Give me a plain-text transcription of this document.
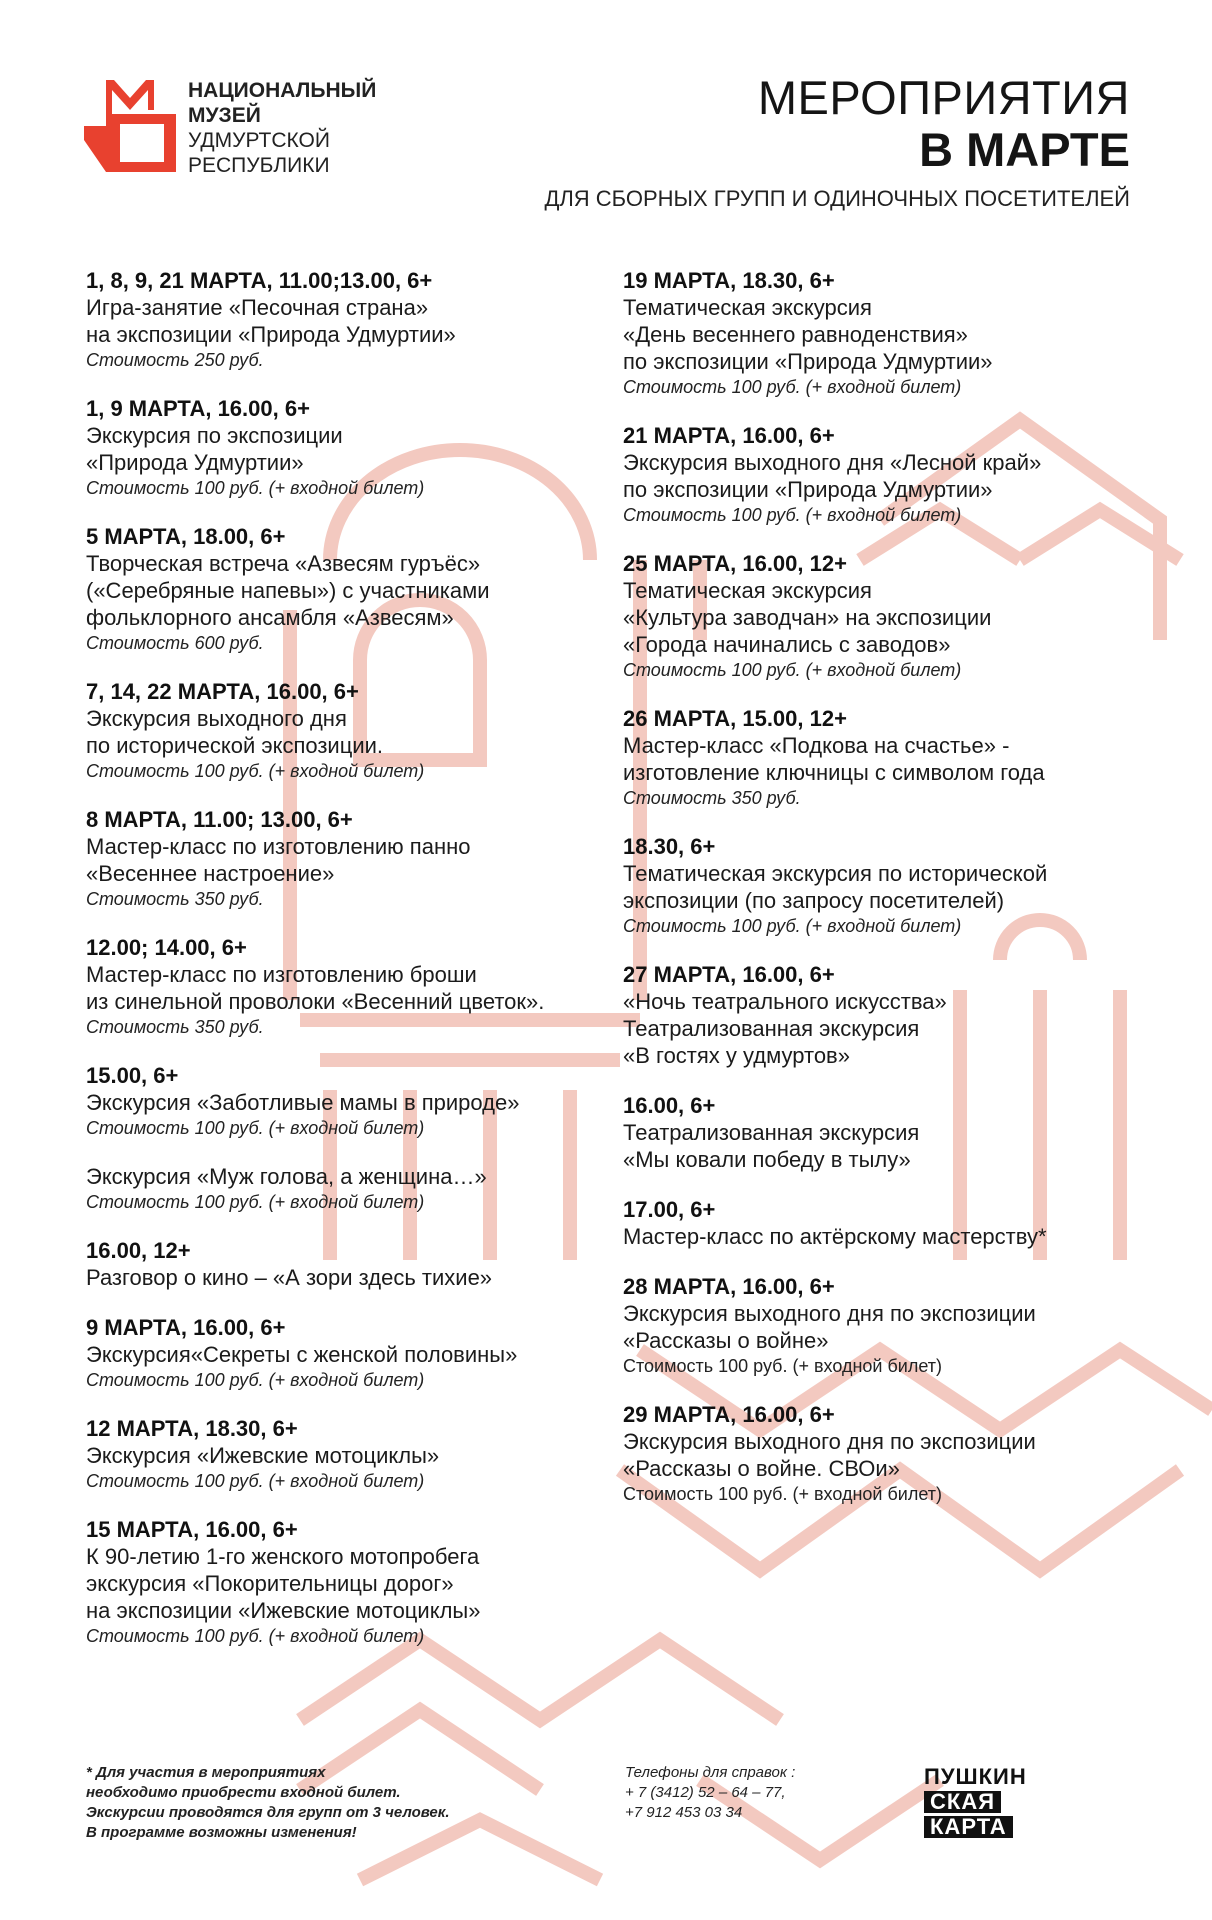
НАЦИОНАЛЬНЫЙ
МУЗЕЙ
УДМУРТСКОЙ
РЕСПУБЛИКИ
МЕРОПРИЯТИЯ
В МАРТЕ
ДЛЯ СБОРНЫХ ГРУПП И ОДИНОЧНЫХ ПОСЕТИТЕЛЕЙ
1, 8, 9, 21 МАРТА, 11.00;13.00, 6+
Игра-занятие «Песочная страна»
на экспозиции «Природа Удмуртии»
Стоимость 250 руб.
1, 9 МАРТА, 16.00, 6+
Экскурсия по экспозиции
«Природа Удмуртии»
Стоимость 100 руб. (+ входной билет)
5 МАРТА, 18.00, 6+
Творческая встреча «Азвесям гуръёс»
(«Серебряные напевы») с участниками
фольклорного ансамбля «Азвесям»
Стоимость 600 руб.
7, 14, 22 МАРТА, 16.00, 6+
Экскурсия выходного дня
по исторической экспозиции.
Стоимость 100 руб. (+ входной билет)
8 МАРТА, 11.00; 13.00, 6+
Мастер-класс по изготовлению панно
«Весеннее настроение»
Стоимость 350 руб.
12.00; 14.00, 6+
Мастер-класс по изготовлению броши
из синельной проволоки «Весенний цветок».
Стоимость 350 руб.
15.00, 6+
Экскурсия «Заботливые мамы в природе»
Стоимость 100 руб. (+ входной билет)
Экскурсия «Муж голова, а женщина…»
Стоимость 100 руб. (+ входной билет)
16.00, 12+
Разговор о кино – «А зори здесь тихие»
9 МАРТА, 16.00, 6+
Экскурсия«Секреты с женской половины»
Стоимость 100 руб. (+ входной билет)
12 МАРТА, 18.30, 6+
Экскурсия «Ижевские мотоциклы»
Стоимость 100 руб. (+ входной билет)
15 МАРТА, 16.00, 6+
К 90-летию 1-го женского мотопробега
экскурсия «Покорительницы дорог»
на экспозиции «Ижевские мотоциклы»
Стоимость 100 руб. (+ входной билет)
19 МАРТА, 18.30, 6+
Тематическая экскурсия
«День весеннего равноденствия»
по экспозиции «Природа Удмуртии»
Стоимость 100 руб. (+ входной билет)
21 МАРТА, 16.00, 6+
Экскурсия выходного дня «Лесной край»
по экспозиции «Природа Удмуртии»
Стоимость 100 руб. (+ входной билет)
25 МАРТА, 16.00, 12+
Тематическая экскурсия
«Культура заводчан» на экспозиции
«Города начинались с заводов»
Стоимость 100 руб. (+ входной билет)
26 МАРТА, 15.00, 12+
Мастер-класс «Подкова на счастье» -
изготовление ключницы с символом года
Стоимость 350 руб.
18.30, 6+
Тематическая экскурсия по исторической
экспозиции (по запросу посетителей)
Стоимость 100 руб. (+ входной билет)
27 МАРТА, 16.00, 6+
«Ночь театрального искусства»
Театрализованная экскурсия
«В гостях у удмуртов»
16.00, 6+
Театрализованная экскурсия
«Мы ковали победу в тылу»
17.00, 6+
Мастер-класс по актёрскому мастерству*
28 МАРТА, 16.00, 6+
Экскурсия выходного дня по экспозиции
«Рассказы о войне»
Стоимость 100 руб. (+ входной билет)
29 МАРТА, 16.00, 6+
Экскурсия выходного дня по экспозиции
«Рассказы о войне. СВОи»
Стоимость 100 руб. (+ входной билет)
* Для участия в мероприятиях
необходимо приобрести входной билет.
Экскурсии проводятся для групп от 3 человек.
В программе возможны изменения!
Телефоны для справок :
+ 7 (3412) 52 – 64 – 77,
+7 912 453 03 34
ПУШКИН
СКАЯ
КАРТА
